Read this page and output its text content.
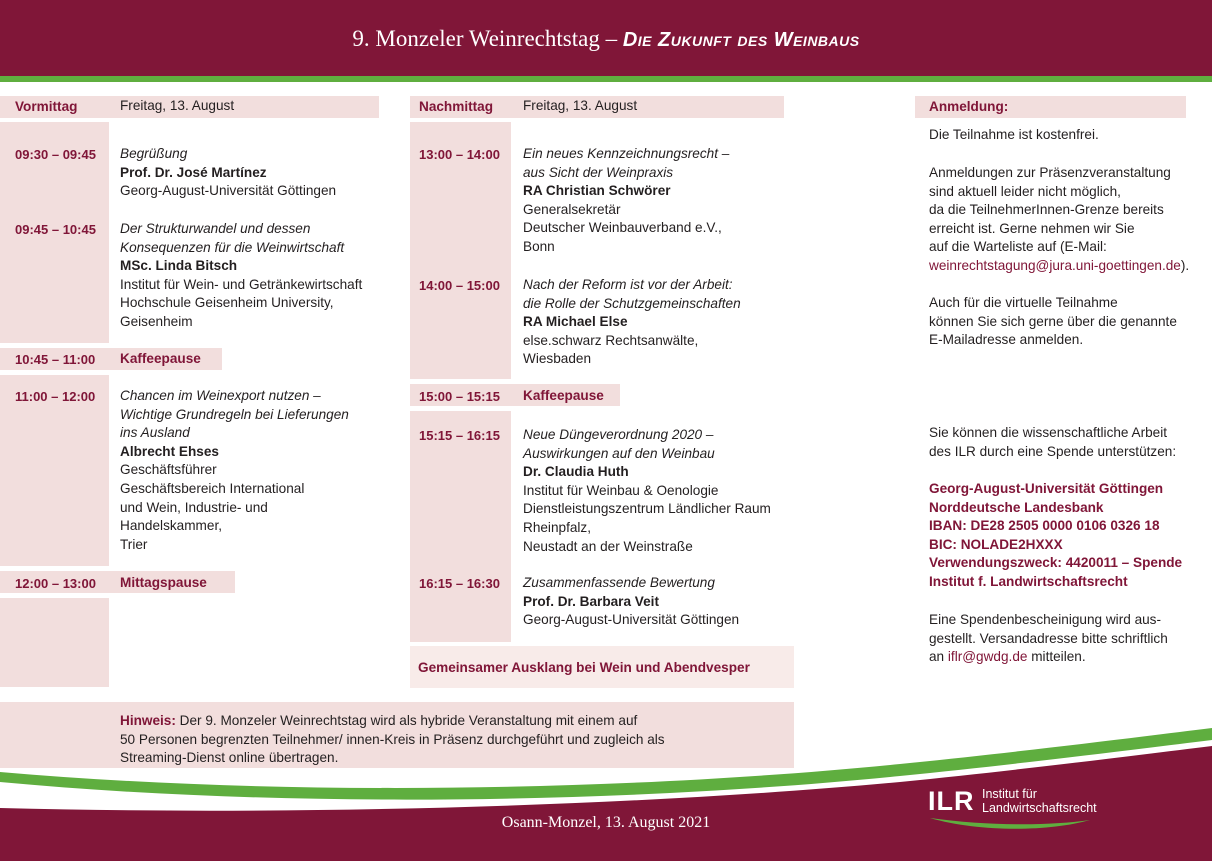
9. Monzeler Weinrechtstag – Die Zukunft des Weinbaus
Vormittag	Freitag, 13. August
09:30 – 09:45 Begrüßung
Prof. Dr. José Martínez
Georg-August-Universität Göttingen
09:45 – 10:45 Der Strukturwandel und dessen
Konsequenzen für die Weinwirtschaft
MSc. Linda Bitsch
Institut für Wein- und Getränkewirtschaft
Hochschule Geisenheim University,
Geisenheim
10:45 – 11:00 Kaffeepause
11:00 – 12:00 Chancen im Weinexport nutzen –
Wichtige Grundregeln bei Lieferungen
ins Ausland
Albrecht Ehses
Geschäftsführer
Geschäftsbereich International
und Wein, Industrie- und
Handelskammer,
Trier
12:00 – 13:00 Mittagspause
Nachmittag Freitag, 13. August
13:00 – 14:00 Ein neues Kennzeichnungsrecht –
aus Sicht der Weinpraxis
RA Christian Schwörer
Generalsekretär
Deutscher Weinbauverband e.V.,
Bonn
14:00 – 15:00 Nach der Reform ist vor der Arbeit:
die Rolle der Schutzgemeinschaften
RA Michael Else
else.schwarz Rechtsanwälte,
Wiesbaden
15:00 – 15:15 Kaffeepause
15:15 – 16:15 Neue Düngeverordnung 2020 –
Auswirkungen auf den Weinbau
Dr. Claudia Huth
Institut für Weinbau & Oenologie
Dienstleistungszentrum Ländlicher Raum
Rheinpfalz,
Neustadt an der Weinstraße
16:15 – 16:30 Zusammenfassende Bewertung
Prof. Dr. Barbara Veit
Georg-August-Universität Göttingen
Gemeinsamer Ausklang bei Wein und Abendvesper
Anmeldung:
Die Teilnahme ist kostenfrei.
Anmeldungen zur Präsenzveranstaltung
sind aktuell leider nicht möglich,
da die TeilnehmerInnen-Grenze bereits
erreicht ist. Gerne nehmen wir Sie
auf die Warteliste auf (E-Mail:
weinrechtstagung@jura.uni-goettingen.de).
Auch für die virtuelle Teilnahme
können Sie sich gerne über die genannte
E-Mailadresse anmelden.
Sie können die wissenschaftliche Arbeit
des ILR durch eine Spende unterstützen:
Georg-August-Universität Göttingen
Norddeutsche Landesbank
IBAN: DE28 2505 0000 0106 0326 18
BIC: NOLADE2HXXX
Verwendungszweck: 4420011 – Spende
Institut f. Landwirtschaftsrecht
Eine Spendenbescheinigung wird aus-
gestellt. Versandadresse bitte schriftlich
an iflr@gwdg.de mitteilen.
Hinweis: Der 9. Monzeler Weinrechtstag wird als hybride Veranstaltung mit einem auf
50 Personen begrenzten Teilnehmer/ innen-Kreis in Präsenz durchgeführt und zugleich als
Streaming-Dienst online übertragen.
Osann-Monzel, 13. August 2021
ILR Institut für
Landwirtschaftsrecht
